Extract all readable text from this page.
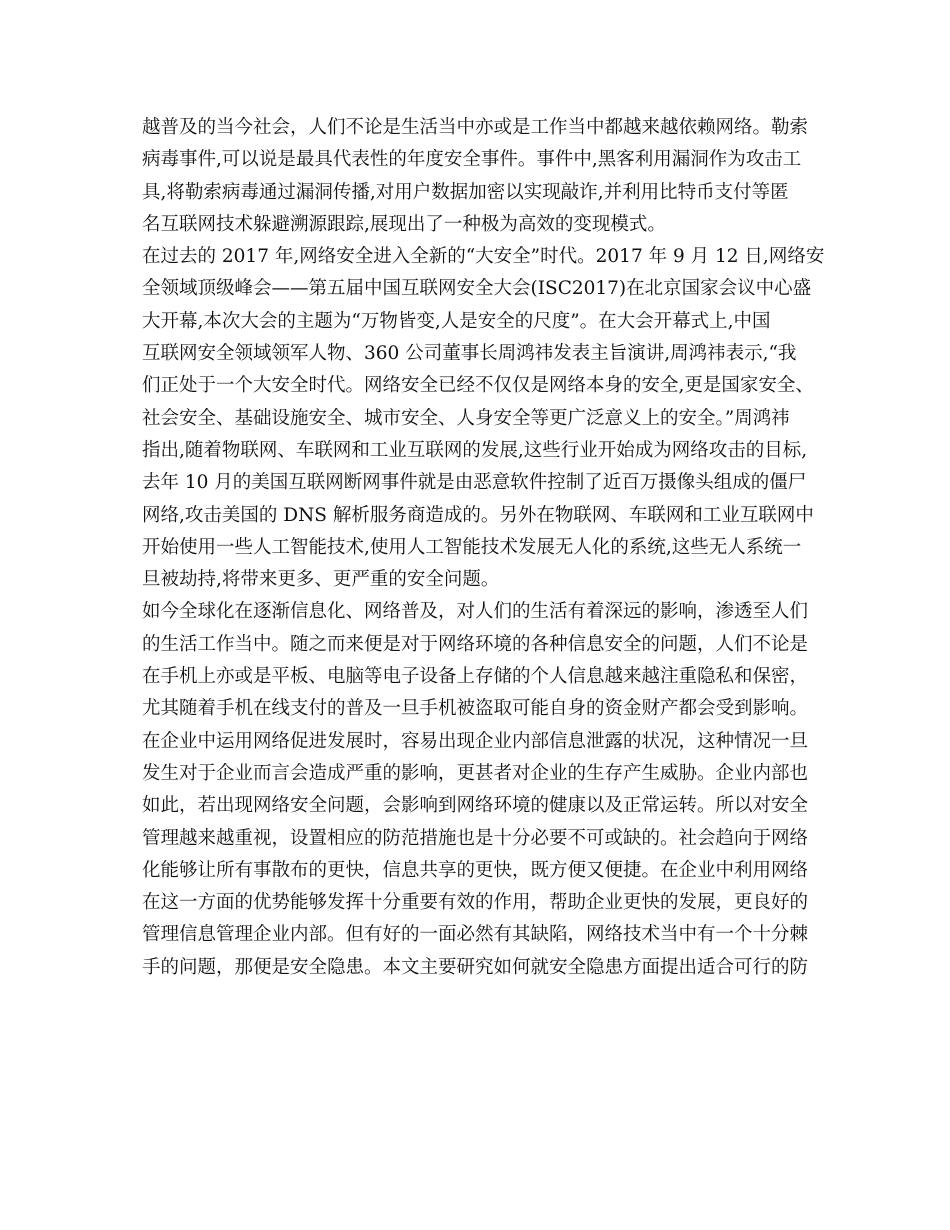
越普及的当今社会，人们不论是生活当中亦或是工作当中都越来越依赖网络。勒索
病毒事件,可以说是最具代表性的年度安全事件。事件中,黑客利用漏洞作为攻击工
具,将勒索病毒通过漏洞传播,对用户数据加密以实现敲诈,并利用比特币支付等匿
名互联网技术躲避溯源跟踪,展现出了一种极为高效的变现模式。
在过去的 2017 年,网络安全进入全新的“大安全”时代。2017 年 9 月 12 日,网络安
全领域顶级峰会——第五届中国互联网安全大会(ISC2017)在北京国家会议中心盛
大开幕,本次大会的主题为“万物皆变,人是安全的尺度”。在大会开幕式上,中国
互联网安全领域领军人物、360 公司董事长周鸿祎发表主旨演讲,周鸿祎表示,“我
们正处于一个大安全时代。网络安全已经不仅仅是网络本身的安全,更是国家安全、
社会安全、基础设施安全、城市安全、人身安全等更广泛意义上的安全。”周鸿祎
指出,随着物联网、车联网和工业互联网的发展,这些行业开始成为网络攻击的目标,
去年 10 月的美国互联网断网事件就是由恶意软件控制了近百万摄像头组成的僵尸
网络,攻击美国的 DNS 解析服务商造成的。另外在物联网、车联网和工业互联网中
开始使用一些人工智能技术,使用人工智能技术发展无人化的系统,这些无人系统一
旦被劫持,将带来更多、更严重的安全问题。
如今全球化在逐渐信息化、网络普及，对人们的生活有着深远的影响，渗透至人们
的生活工作当中。随之而来便是对于网络环境的各种信息安全的问题，人们不论是
在手机上亦或是平板、电脑等电子设备上存储的个人信息越来越注重隐私和保密，
尤其随着手机在线支付的普及一旦手机被盗取可能自身的资金财产都会受到影响。
在企业中运用网络促进发展时，容易出现企业内部信息泄露的状况，这种情况一旦
发生对于企业而言会造成严重的影响，更甚者对企业的生存产生威胁。企业内部也
如此，若出现网络安全问题，会影响到网络环境的健康以及正常运转。所以对安全
管理越来越重视，设置相应的防范措施也是十分必要不可或缺的。社会趋向于网络
化能够让所有事散布的更快，信息共享的更快，既方便又便捷。在企业中利用网络
在这一方面的优势能够发挥十分重要有效的作用，帮助企业更快的发展，更良好的
管理信息管理企业内部。但有好的一面必然有其缺陷，网络技术当中有一个十分棘
手的问题，那便是安全隐患。本文主要研究如何就安全隐患方面提出适合可行的防
